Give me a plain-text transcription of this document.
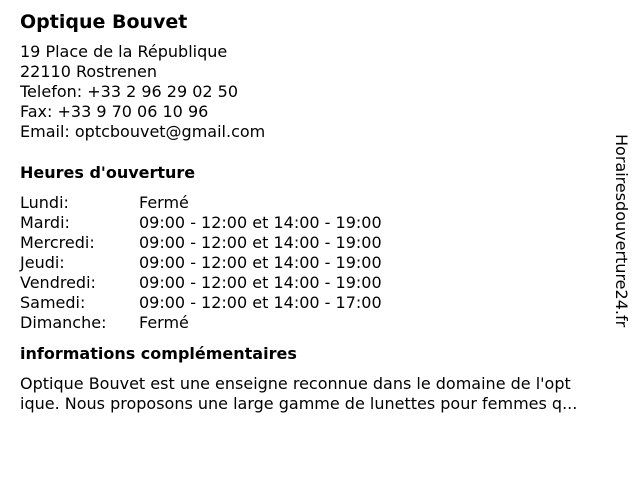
Optique Bouvet
19 Place de la République
22110 Rostrenen
Telefon: +33 2 96 29 02 50
Fax: +33 9 70 06 10 96
Email: optcbouvet@gmail.com
Heures d'ouverture
Lundi:	Fermé
Mardi:	09:00 - 12:00 et 14:00 - 19:00
Mercredi:	09:00 - 12:00 et 14:00 - 19:00
Jeudi:	09:00 - 12:00 et 14:00 - 19:00
Vendredi:	09:00 - 12:00 et 14:00 - 19:00
Samedi:	09:00 - 12:00 et 14:00 - 17:00
Dimanche:	Fermé
informations complémentaires
Optique Bouvet est une enseigne reconnue dans le domaine de l'opt
ique. Nous proposons une large gamme de lunettes pour femmes q...
Horairesdouverture24.fr
